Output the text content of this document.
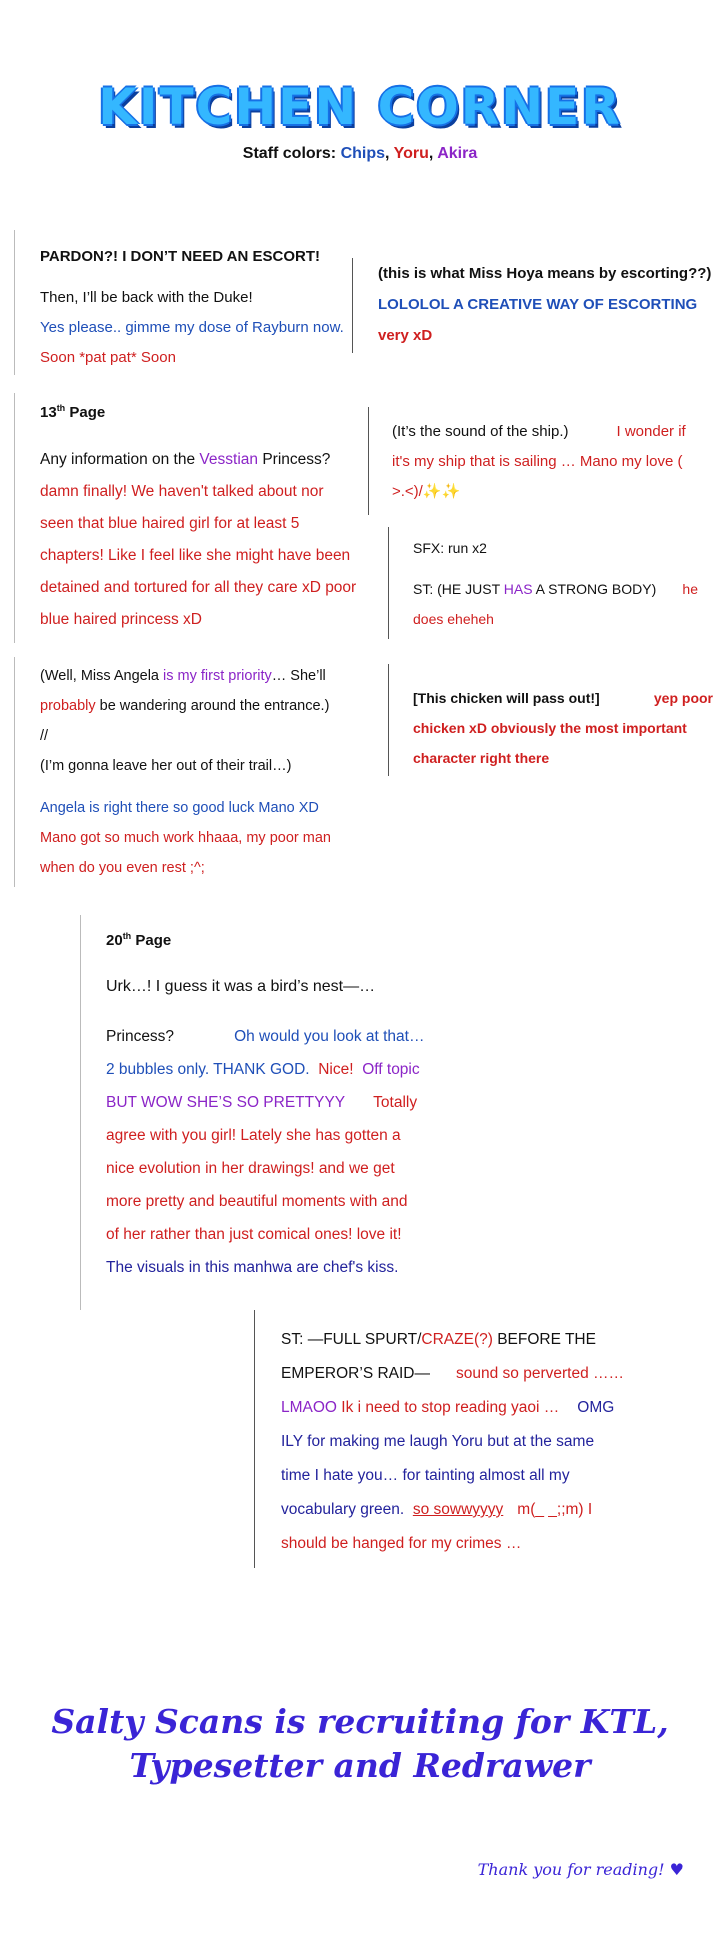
KITCHEN CORNER
Staff colors: Chips, Yoru, Akira
PARDON?! I DON’T NEED AN ESCORT!
Then, I’ll be back with the Duke!
Yes please.. gimme my dose of Rayburn now.
Soon *pat pat* Soon
(this is what Miss Hoya means by escorting??)
LOLOLOL A CREATIVE WAY OF ESCORTING
very xD
13th Page
Any information on the Vesstian Princess?
damn finally! We haven't talked about nor
seen that blue haired girl for at least 5
chapters! Like I feel like she might have been
detained and tortured for all they care xD poor
blue haired princess xD
(It’s the sound of the ship.)	I wonder if
it's my ship that is sailing … Mano my love (
>.<)/✨✨
SFX: run x2
ST: (HE JUST HAS A STRONG BODY) he
does eheheh
(Well, Miss Angela is my first priority… She’ll
probably be wandering around the entrance.)
//
(I’m gonna leave her out of their trail…)
Angela is right there so good luck Mano XD
Mano got so much work hhaaa, my poor man
when do you even rest ;^;
[This chicken will pass out!]	yep poor
chicken xD obviously the most important
character right there
20th Page
Urk…! I guess it was a bird’s nest—…
Princess?	Oh would you look at that…
2 bubbles only. THANK GOD. Nice! Off topic
BUT WOW SHE’S SO PRETTYYY Totally
agree with you girl! Lately she has gotten a
nice evolution in her drawings! and we get
more pretty and beautiful moments with and
of her rather than just comical ones! love it!
The visuals in this manhwa are chef's kiss.
ST: —FULL SPURT/CRAZE(?) BEFORE THE
EMPEROR’S RAID— sound so perverted ……
LMAOO Ik i need to stop reading yaoi … OMG
ILY for making me laugh Yoru but at the same
time I hate you… for tainting almost all my
vocabulary green. so sowwyyyy m(_ _;;m) I
should be hanged for my crimes …
Salty Scans is recruiting for KTL,
Typesetter and Redrawer
Thank you for reading! ♥
